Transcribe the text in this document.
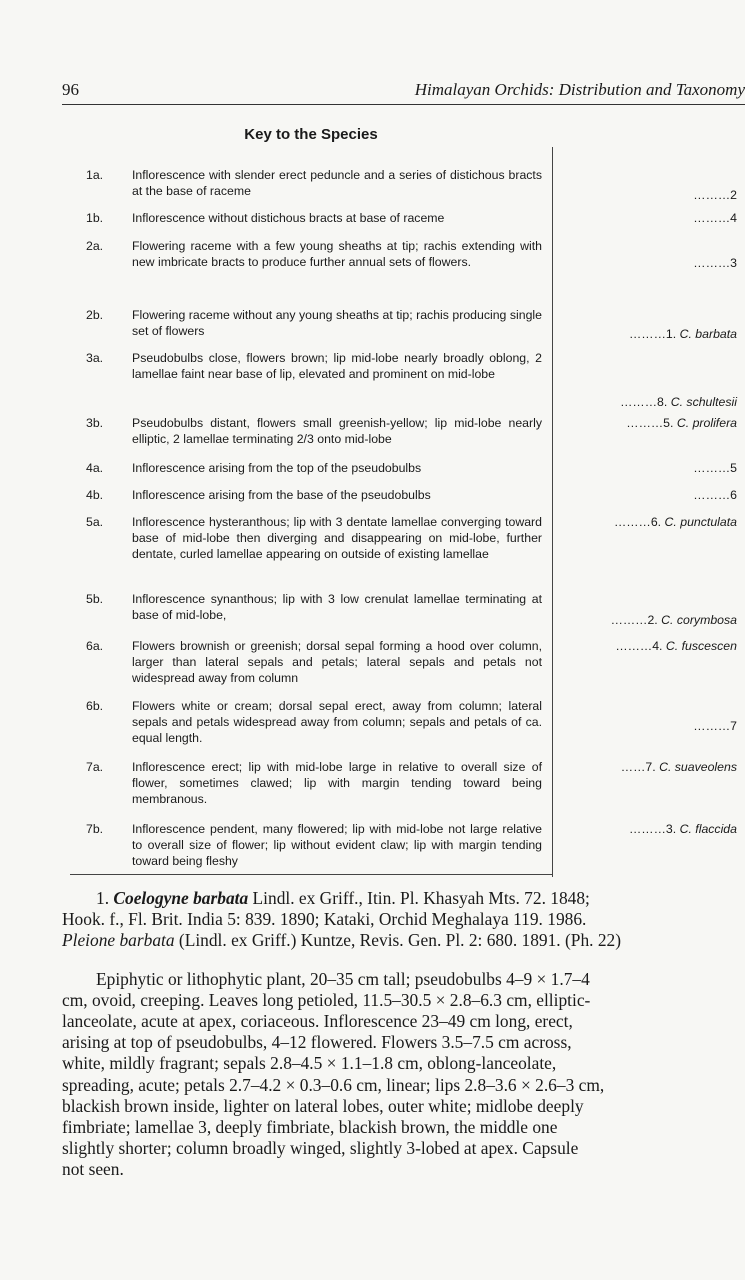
96	Himalayan Orchids: Distribution and Taxonomy
Key to the Species
1a. Inflorescence with slender erect peduncle and a series of distichous bracts at the base of raceme	………2
1b. Inflorescence without distichous bracts at base of raceme	………4
2a. Flowering raceme with a few young sheaths at tip; rachis extending with new imbricate bracts to produce further annual sets of flowers.	………3
2b. Flowering raceme without any young sheaths at tip; rachis producing single set of flowers	………1. C. barbata
3a. Pseudobulbs close, flowers brown; lip mid-lobe nearly broadly oblong, 2 lamellae faint near base of lip, elevated and prominent on mid-lobe
………8. C. schultesii
3b. Pseudobulbs distant, flowers small greenish-yellow; lip mid-lobe nearly elliptic, 2 lamellae terminating 2/3 onto mid-lobe
………5. C. prolifera
4a. Inflorescence arising from the top of the pseudobulbs	………5
4b. Inflorescence arising from the base of the pseudobulbs	………6
5a. Inflorescence hysteranthous; lip with 3 dentate lamellae converging toward base of mid-lobe then diverging and disappearing on mid-lobe, further dentate, curled lamellae appearing on outside of existing lamellae
………6. C. punctulata
5b. Inflorescence synanthous; lip with 3 low crenulat lamellae terminating at base of mid-lobe,	………2. C. corymbosa
6a. Flowers brownish or greenish; dorsal sepal forming a hood over column, larger than lateral sepals and petals; lateral sepals and petals not widespread away from column
………4. C. fuscescen
6b. Flowers white or cream; dorsal sepal erect, away from column; lateral sepals and petals widespread away from column; sepals and petals of ca. equal length.
………7
7a. Inflorescence erect; lip with mid-lobe large in relative to overall size of flower, sometimes clawed; lip with margin tending toward being membranous.
……7. C. suaveolens
7b. Inflorescence pendent, many flowered; lip with mid-lobe not large relative to overall size of flower; lip without evident claw; lip with margin tending toward being fleshy
………3. C. flaccida
1. Coelogyne barbata Lindl. ex Griff., Itin. Pl. Khasyah Mts. 72. 1848;
Hook. f., Fl. Brit. India 5: 839. 1890; Kataki, Orchid Meghalaya 119. 1986.
Pleione barbata (Lindl. ex Griff.) Kuntze, Revis. Gen. Pl. 2: 680. 1891. (Ph. 22)
Epiphytic or lithophytic plant, 20–35 cm tall; pseudobulbs 4–9 × 1.7–4
cm, ovoid, creeping. Leaves long petioled, 11.5–30.5 × 2.8–6.3 cm, elliptic-
lanceolate, acute at apex, coriaceous. Inflorescence 23–49 cm long, erect,
arising at top of pseudobulbs, 4–12 flowered. Flowers 3.5–7.5 cm across,
white, mildly fragrant; sepals 2.8–4.5 × 1.1–1.8 cm, oblong-lanceolate,
spreading, acute; petals 2.7–4.2 × 0.3–0.6 cm, linear; lips 2.8–3.6 × 2.6–3 cm,
blackish brown inside, lighter on lateral lobes, outer white; midlobe deeply
fimbriate; lamellae 3, deeply fimbriate, blackish brown, the middle one
slightly shorter; column broadly winged, slightly 3-lobed at apex. Capsule
not seen.
